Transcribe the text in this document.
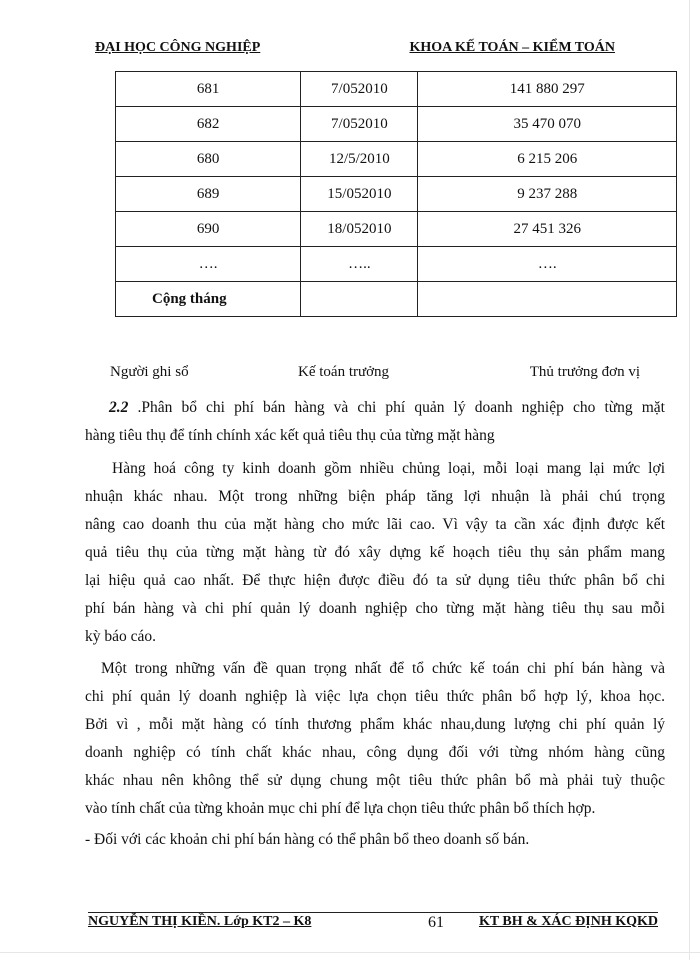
ĐẠI HỌC CÔNG NGHIỆP	KHOA KẾ TOÁN – KIỂM TOÁN
681	7/052010	141 880 297
682	7/052010	35 470 070
680	12/5/2010	6 215 206
689	15/052010	9 237 288
690	18/052010	27 451 326
….	…..	….
Cộng tháng		
Người ghi sổ	Kế toán trưởng	Thủ trưởng đơn vị
2.2 .Phân bổ chi phí bán hàng và chi phí quản lý doanh nghiệp cho từng mặt
hàng tiêu thụ để tính chính xác kết quả tiêu thụ của từng mặt hàng
Hàng hoá công ty kinh doanh gồm nhiều chủng loại, mỗi loại mang lại mức lợi
nhuận khác nhau. Một trong những biện pháp tăng lợi nhuận là phải chú trọng
nâng cao doanh thu của mặt hàng cho mức lãi cao. Vì vậy ta cần xác định được kết
quả tiêu thụ của từng mặt hàng từ đó xây dựng kế hoạch tiêu thụ sản phẩm mang
lại hiệu quả cao nhất. Để thực hiện được điều đó ta sử dụng tiêu thức phân bổ chi
phí bán hàng và chi phí quản lý doanh nghiệp cho từng mặt hàng tiêu thụ sau mỗi
kỳ báo cáo.
Một trong những vấn đề quan trọng nhất để tổ chức kế toán chi phí bán hàng và
chi phí quản lý doanh nghiệp là việc lựa chọn tiêu thức phân bổ hợp lý, khoa học.
Bởi vì , mỗi mặt hàng có tính thương phẩm khác nhau,dung lượng chi phí quản lý
doanh nghiệp có tính chất khác nhau, công dụng đối với từng nhóm hàng cũng
khác nhau nên không thể sử dụng chung một tiêu thức phân bổ mà phải tuỳ thuộc
vào tính chất của từng khoản mục chi phí để lựa chọn tiêu thức phân bổ thích hợp.
- Đối với các khoản chi phí bán hàng có thể phân bổ theo doanh số bán.
NGUYỄN THỊ KIỀN. Lớp KT2 – K8	61 KT BH & XÁC ĐỊNH KQKD
